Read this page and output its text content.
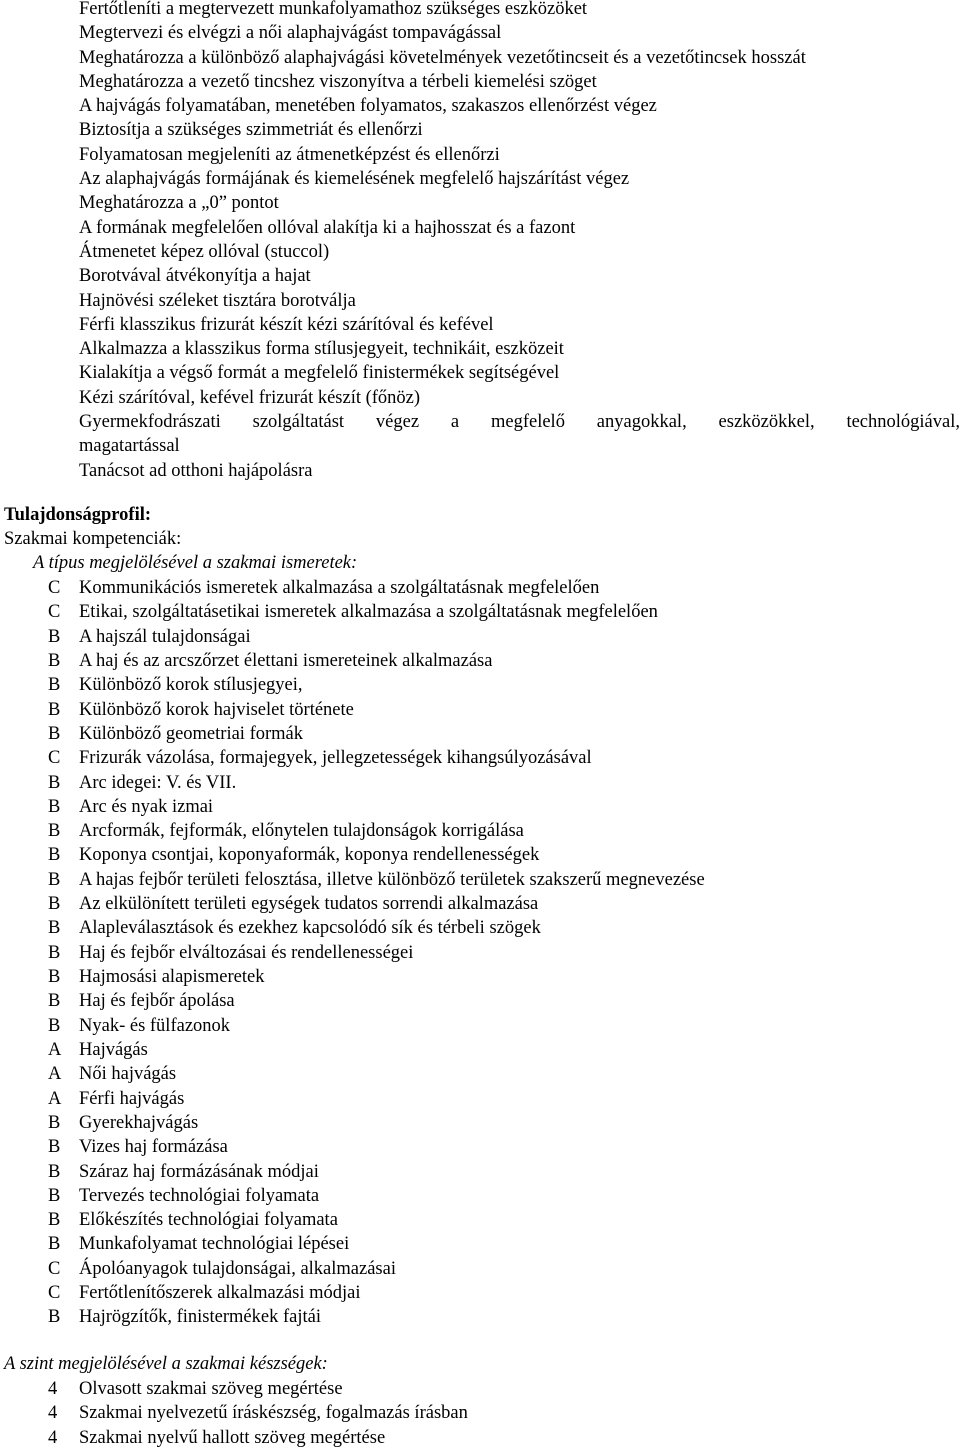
Fertőtleníti a megtervezett munkafolyamathoz szükséges eszközöket
Megtervezi és elvégzi a női alaphajvágást tompavágással
Meghatározza a különböző alaphajvágási követelmények vezetőtincseit és a vezetőtincsek hosszát
Meghatározza a vezető tincshez viszonyítva a térbeli kiemelési szöget
A hajvágás folyamatában, menetében folyamatos, szakaszos ellenőrzést végez
Biztosítja a szükséges szimmetriát és ellenőrzi
Folyamatosan megjeleníti az átmenetképzést és ellenőrzi
Az alaphajvágás formájának és kiemelésének megfelelő hajszárítást végez
Meghatározza a „0” pontot
A formának megfelelően ollóval alakítja ki a hajhosszat és a fazont
Átmenetet képez ollóval (stuccol)
Borotvával átvékonyítja a hajat
Hajnövési széleket tisztára borotválja
Férfi klasszikus frizurát készít kézi szárítóval és kefével
Alkalmazza a klasszikus forma stílusjegyeit, technikáit, eszközeit
Kialakítja a végső formát a megfelelő finistermékek segítségével
Kézi szárítóval, kefével frizurát készít (főnöz)
Gyermekfodrászati szolgáltatást végez a megfelelő anyagokkal, eszközökkel, technológiával,
magatartással
Tanácsot ad otthoni hajápolásra
Tulajdonságprofil:
Szakmai kompetenciák:
A típus megjelölésével a szakmai ismeretek:
C	Kommunikációs ismeretek alkalmazása a szolgáltatásnak megfelelően
C	Etikai, szolgáltatásetikai ismeretek alkalmazása a szolgáltatásnak megfelelően
B	A hajszál tulajdonságai
B	A haj és az arcszőrzet élettani ismereteinek alkalmazása
B	Különböző korok stílusjegyei,
B	Különböző korok hajviselet története
B	Különböző geometriai formák
C	Frizurák vázolása, formajegyek, jellegzetességek kihangsúlyozásával
B	Arc idegei: V. és VII.
B	Arc és nyak izmai
B	Arcformák, fejformák, előnytelen tulajdonságok korrigálása
B	Koponya csontjai, koponyaformák, koponya rendellenességek
B	A hajas fejbőr területi felosztása, illetve különböző területek szakszerű megnevezése
B	Az elkülönített területi egységek tudatos sorrendi alkalmazása
B	Alapleválasztások és ezekhez kapcsolódó sík és térbeli szögek
B	Haj és fejbőr elváltozásai és rendellenességei
B	Hajmosási alapismeretek
B	Haj és fejbőr ápolása
B	Nyak- és fülfazonok
A Hajvágás
A Női hajvágás
A Férfi hajvágás
B	Gyerekhajvágás
B	Vizes haj formázása
B	Száraz haj formázásának módjai
B	Tervezés technológiai folyamata
B	Előkészítés technológiai folyamata
B	Munkafolyamat technológiai lépései
C	Ápolóanyagok tulajdonságai, alkalmazásai
C	Fertőtlenítőszerek alkalmazási módjai
B	Hajrögzítők, finistermékek fajtái
A szint megjelölésével a szakmai készségek:
4	Olvasott szakmai szöveg megértése
4	Szakmai nyelvezetű íráskészség, fogalmazás írásban
4	Szakmai nyelvű hallott szöveg megértése
